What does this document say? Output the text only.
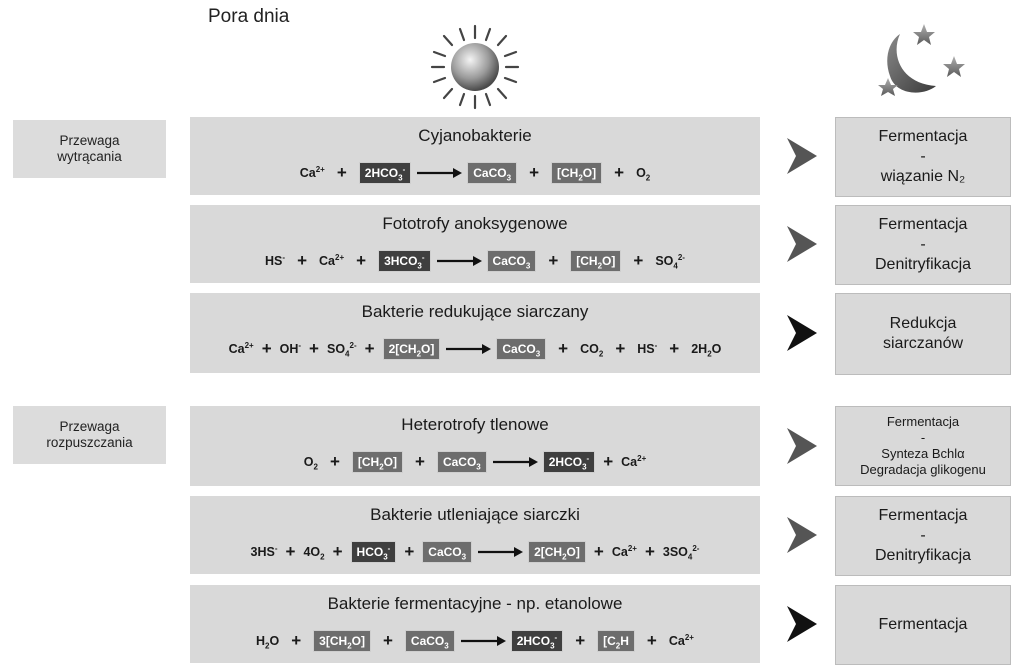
Pora dnia
Przewaga
wytrącania
Przewaga
rozpuszczania
Cyjanobakterie
$Ca^{2+}$ +	$2HCO_3^-$ → CaCO$_3$	+	$[CH_2O]$	+ $O_2$
Fototrofy anoksygenowe
$HS^- + Ca^{2+}$ +	$3HCO_3^-$ → CaCO$_3$	+	$[CH_2O]$	+ $SO_4^{2-}$
Bakterie redukujące siarczany
$Ca^{2+} + OH^- + SO_4^{2-}$ +	$2[CH_2O]$ → CaCO$_3$	+ $CO_2 + HS^- + 2H_2O$
Heterotrofy tlenowe
$O_2$ +	$[CH_2O]$	+	CaCO$_3$ → $2HCO_3^- + Ca^{2+}$
Bakterie utleniające siarczki
$3HS^- + 4O_2$ +	$HCO_3^-$ +	CaCO$_3$ → $2[CH_2O] + Ca^{2+} + 3SO_4^{2-}$
Bakterie fermentacyjne - np. etanolowe
$H_2O$ +	$3[CH_2O]$	+	CaCO$_3$ → $2HCO_3^-$	+	[$C_2H$	+ $Ca^{2+}$
Fermentacja
-
wiązanie N₂
Fermentacja
-
Denitryfikacja
Redukcja
siarczanów
Fermentacja
-
Synteza Bchlα
Degradacja glikogenu
Fermentacja
-
Denitryfikacja
Fermentacja
